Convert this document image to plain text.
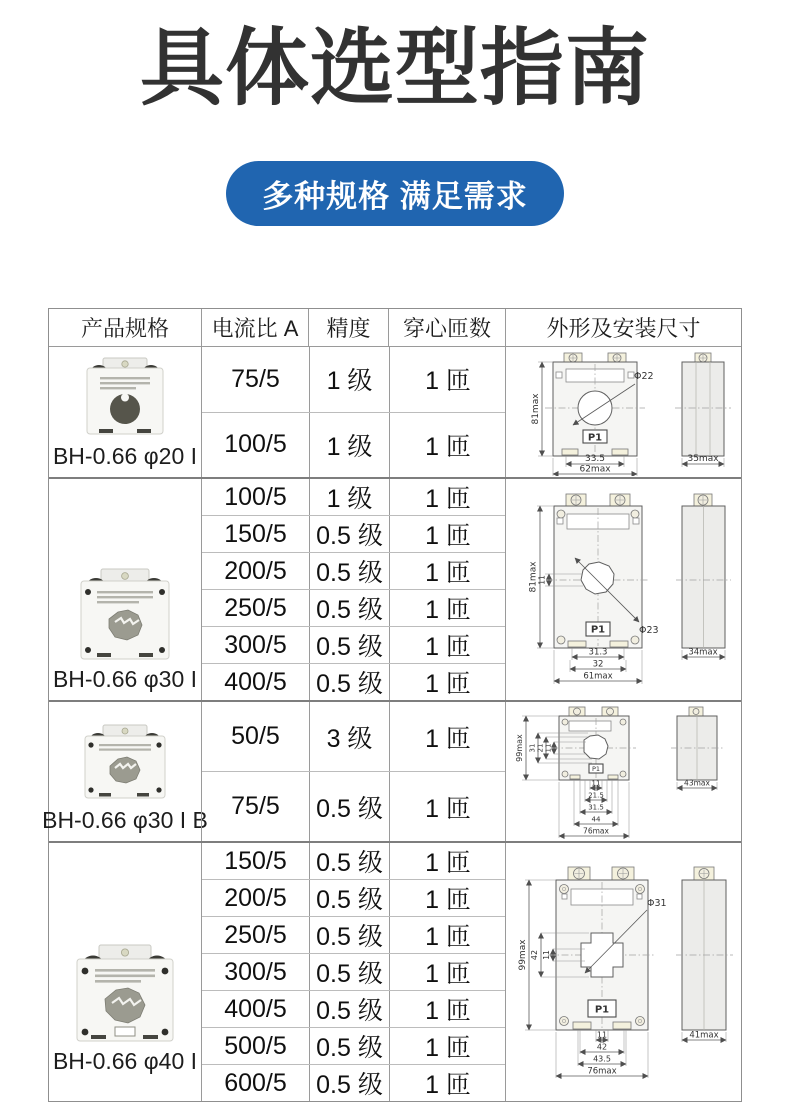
具体选型指南
多种规格 满足需求
产品规格	电流比 A	精度	穿心匝数	外形及安装尺寸
BH-0.66 φ20 I
75/5	1 级	1 匝
100/5	1 级	1 匝	P1
Φ22
81max
33.5
62max
35max
BH-0.66 φ30 I
100/5	1 级	1 匝
150/5	0.5 级	1 匝
200/5	0.5 级	1 匝
250/5	0.5 级	1 匝
300/5	0.5 级	1 匝
400/5	0.5 级	1 匝
11
Φ23
P1
81max
31.3
32
61max
34max
BH-0.66 φ30 I B
50/5	3 级	1 匝
75/5	0.5 级	1 匝
31 21 11
P1
99max
11
21.5
31.5
44
76max
43max
BH-0.66 φ40 I
150/5	0.5 级	1 匝
200/5	0.5 级	1 匝
250/5	0.5 级	1 匝
300/5	0.5 级	1 匝
400/5	0.5 级	1 匝
500/5	0.5 级	1 匝
600/5	0.5 级	1 匝
Φ31
99max 42 11
P1
11
42
43.5
76max
41max
